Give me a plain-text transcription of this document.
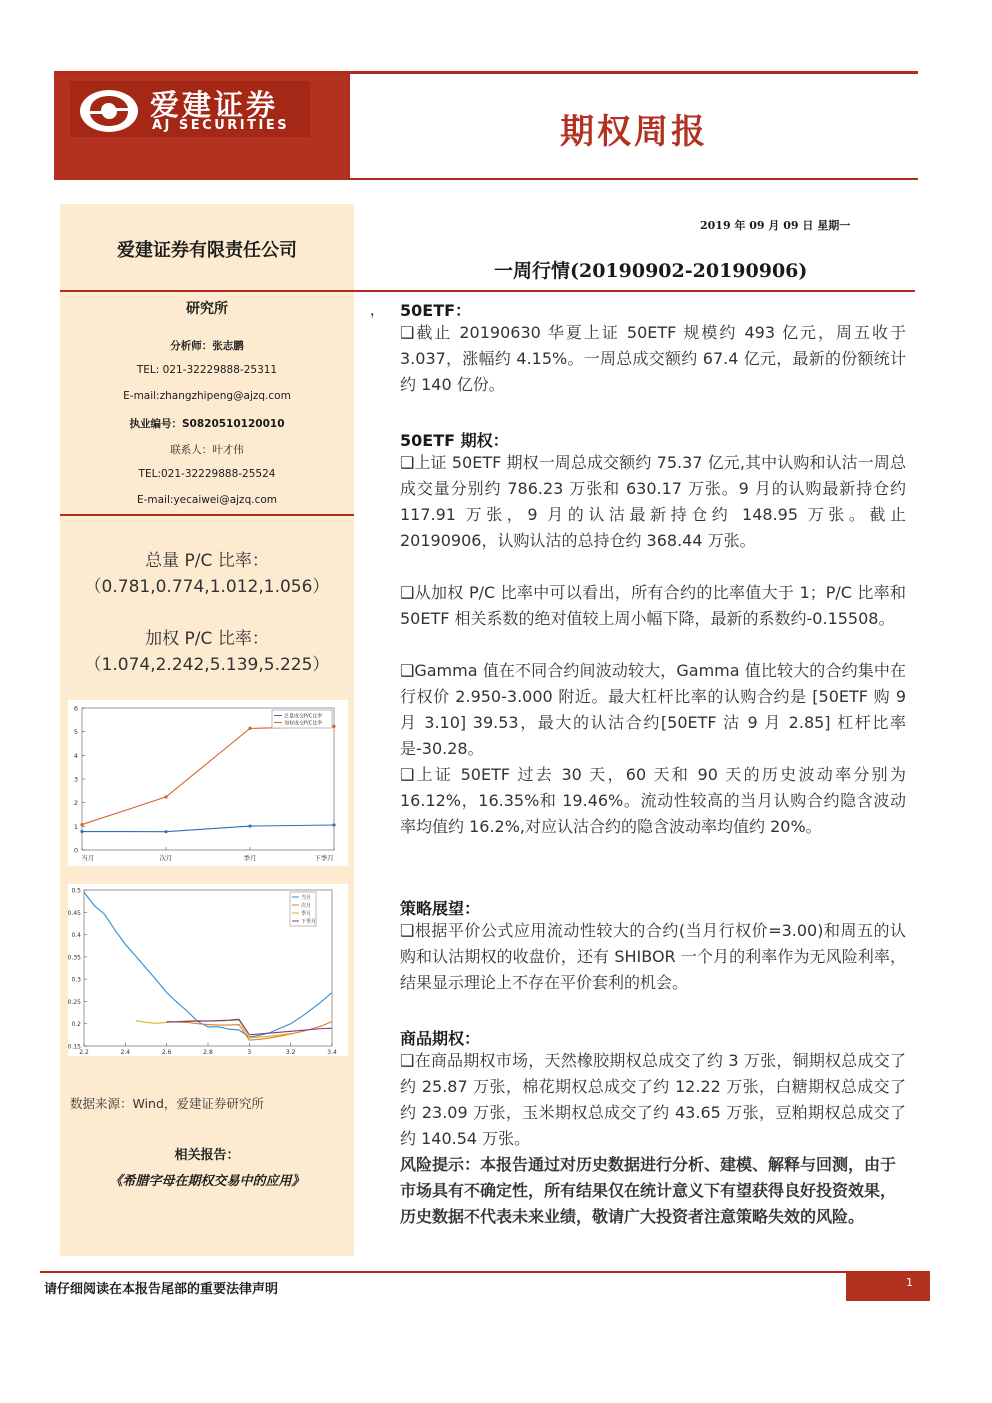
爱建证券
AJ SECURITIES	期权周报
爱建证券有限责任公司
研究所
分析师：张志鹏
TEL: 021-32229888-25311
E-mail:zhangzhipeng@ajzq.com
执业编号：S0820510120010
联系人：叶才伟
TEL:021-32229888-25524
E-mail:yecaiwei@ajzq.com
总量 P/C 比率：
（0.781,0.774,1.012,1.056）
加权 P/C 比率：
（1.074,2.242,5.139,5.225）
0
1
2
3
4
5
6
当月	次月	季月	下季月
总量成交P/C比率
加权成交P/C比率
0.15
0.2
0.25
0.3
0.35
0.4
0.45
0.5
2.2	2.4	2.6	2.8	3	3.2	3.4
当月
次月
季月
下季月
数据来源：Wind，爱建证券研究所
相关报告：
《希腊字母在期权交易中的应用》
2019 年 09 月 09 日 星期一
一周行情(20190902-20190906)
， 50ETF：
❑截止 20190630 华夏上证 50ETF 规模约 493 亿元，周五收于 3.037，涨幅约 4.15%。一周总成交额约 67.4 亿元，最新的份额统计约 140 亿份。
50ETF 期权：
❑上证 50ETF 期权一周总成交额约 75.37 亿元,其中认购和认沽一周总成交量分别约 786.23 万张和 630.17 万张。9 月的认购最新持仓约 117.91 万张，9 月的认沽最新持仓约 148.95 万张。截止 20190906，认购认沽的总持仓约 368.44 万张。
❑从加权 P/C 比率中可以看出，所有合约的比率值大于 1；P/C 比率和 50ETF 相关系数的绝对值较上周小幅下降，最新的系数约-0.15508。
❑Gamma 值在不同合约间波动较大，Gamma 值比较大的合约集中在行权价 2.950-3.000 附近。最大杠杆比率的认购合约是 [50ETF 购 9 月 3.10] 39.53，最大的认沽合约[50ETF 沽 9 月 2.85] 杠杆比率是-30.28。
❑上证 50ETF 过去 30 天，60 天和 90 天的历史波动率分别为 16.12%，16.35%和 19.46%。流动性较高的当月认购合约隐含波动率均值约 16.2%,对应认沽合约的隐含波动率均值约 20%。
策略展望：
❑根据平价公式应用流动性较大的合约(当月行权价=3.00)和周五的认购和认沽期权的收盘价，还有 SHIBOR 一个月的利率作为无风险利率，结果显示理论上不存在平价套利的机会。
商品期权：
❑在商品期权市场，天然橡胶期权总成交了约 3 万张，铜期权总成交了约 25.87 万张，棉花期权总成交了约 12.22 万张，白糖期权总成交了约 23.09 万张，玉米期权总成交了约 43.65 万张，豆粕期权总成交了约 140.54 万张。
风险提示：本报告通过对历史数据进行分析、建模、解释与回测，由于市场具有不确定性，所有结果仅在统计意义下有望获得良好投资效果，历史数据不代表未来业绩，敬请广大投资者注意策略失效的风险。
请仔细阅读在本报告尾部的重要法律声明	1
